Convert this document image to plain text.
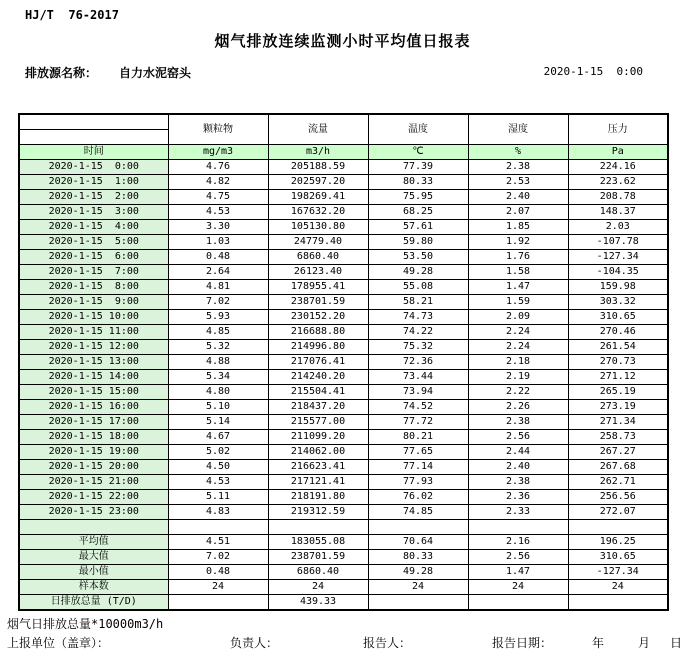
HJ/T  76-2017
烟气排放连续监测小时平均值日报表
排放源名称： 自力水泥窑头	2020-1-15  0:00
	颗粒物	流量	温度	湿度	压力

时间	mg/m3	m3/h	℃	%	Pa
2020-1-15  0:00	4.76	205188.59	77.39	2.38	224.16
2020-1-15  1:00	4.82	202597.20	80.33	2.53	223.62
2020-1-15  2:00	4.75	198269.41	75.95	2.40	208.78
2020-1-15  3:00	4.53	167632.20	68.25	2.07	148.37
2020-1-15  4:00	3.30	105130.80	57.61	1.85	2.03
2020-1-15  5:00	1.03	24779.40	59.80	1.92	-107.78
2020-1-15  6:00	0.48	6860.40	53.50	1.76	-127.34
2020-1-15  7:00	2.64	26123.40	49.28	1.58	-104.35
2020-1-15  8:00	4.81	178955.41	55.08	1.47	159.98
2020-1-15  9:00	7.02	238701.59	58.21	1.59	303.32
2020-1-15 10:00	5.93	230152.20	74.73	2.09	310.65
2020-1-15 11:00	4.85	216688.80	74.22	2.24	270.46
2020-1-15 12:00	5.32	214996.80	75.32	2.24	261.54
2020-1-15 13:00	4.88	217076.41	72.36	2.18	270.73
2020-1-15 14:00	5.34	214240.20	73.44	2.19	271.12
2020-1-15 15:00	4.80	215504.41	73.94	2.22	265.19
2020-1-15 16:00	5.10	218437.20	74.52	2.26	273.19
2020-1-15 17:00	5.14	215577.00	77.72	2.38	271.34
2020-1-15 18:00	4.67	211099.20	80.21	2.56	258.73
2020-1-15 19:00	5.02	214062.00	77.65	2.44	267.27
2020-1-15 20:00	4.50	216623.41	77.14	2.40	267.68
2020-1-15 21:00	4.53	217121.41	77.93	2.38	262.71
2020-1-15 22:00	5.11	218191.80	76.02	2.36	256.56
2020-1-15 23:00	4.83	219312.59	74.85	2.33	272.07

平均值	4.51	183055.08	70.64	2.16	196.25
最大值	7.02	238701.59	80.33	2.56	310.65
最小值	0.48	6860.40	49.28	1.47	-127.34
样本数	24	24	24	24	24
日排放总量 (T/D)		439.33			
烟气日排放总量*10000m3/h
上报单位（盖章）：	负责人：	报告人：	报告日期：	年	月 日
